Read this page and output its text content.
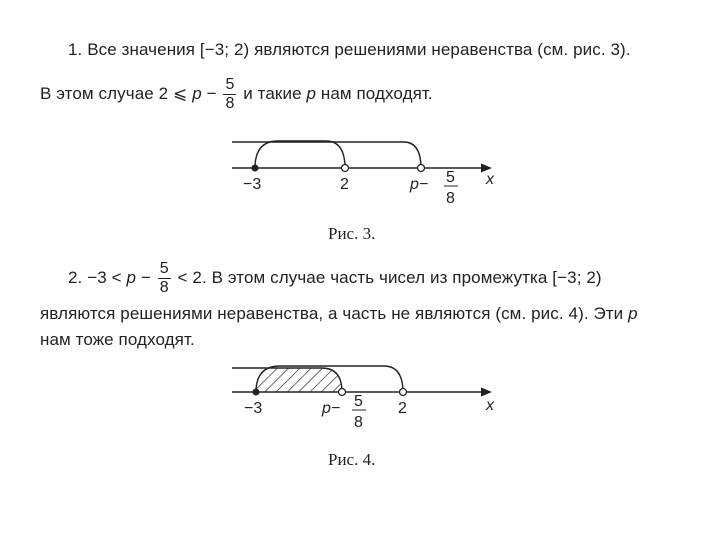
1. Все значения [−3; 2) являются решениями неравенства (см. рис. 3).
В этом случае 2 ⩽ $p - \frac{5}{8}$ и такие p нам подходят.
−3	2	p− 5
8
x
−3	p− 5
8
2	x
Рис. 3.
2. $-3 < p - \frac{5}{8} < 2$. В этом случае часть чисел из промежутка [−3; 2)
являются решениями неравенства, а часть не являются (см. рис. 4). Эти p
нам тоже подходят.
Рис. 4.
